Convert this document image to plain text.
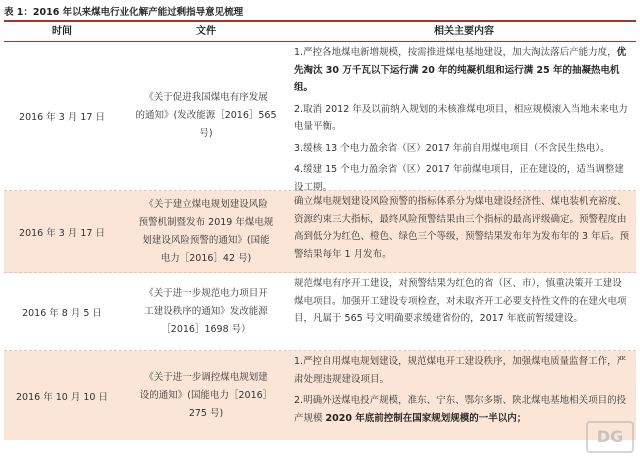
表 1：2016 年以来煤电行业化解产能过剩指导意见梳理
时间	文件	相关主要内容
2016 年 3 月 17 日
《关于促进我国煤电有序发展
的通知》(发改能源［2016］565
号)

1.严控各地煤电新增规模，按需推进煤电基地建设，加大淘汰落后产能力度，优先淘汰 30 万千瓦以下运行满 20 年的纯凝机组和运行满 25 年的抽凝热电机组。

2.取消 2012 年及以前纳入规划的未核准煤电项目，相应规模滚入当地未来电力电量平衡。

3.缓核 13 个电力盈余省（区）2017 年前自用煤电项目（不含民生热电）。

4.缓建 15 个电力盈余省（区）2017 年前煤电项目，正在建设的，适当调整建设工期。

2016 年 3 月 17 日
《关于建立煤电规划建设风险
预警机制暨发布 2019 年煤电规
划建设风险预警的通知》(国能
电力［2016］42 号)

确立煤电规划建设风险预警的指标体系分为煤电建设经济性、煤电装机充裕度、资源约束三大指标，最终风险预警结果由三个指标的最高评级确定。预警程度由高到低分为红色、橙色、绿色三个等级，预警结果发布年为发布年的 3 年后。预警结果每年 1 月发布。

2016 年 8 月 5 日
《关于进一步规范电力项目开
工建设秩序的通知》发改能源
［2016］1698 号）

规范煤电有序开工建设，对预警结果为红色的省（区、市），慎重决策开工建设煤电项目。加强开工建设专项检查，对未取齐开工必要支持性文件的在建火电项目，凡属于 565 号文明确要求缓建省份的，2017 年底前暂缓建设。

2016 年 10 月 10 日
《关于进一步调控煤电规划建
设的通知》(国能电力［2016］
275 号)

1.严控自用煤电规划建设，规范煤电开工建设秩序，加强煤电质量监督工作，严肃处理违规建设项目。

2.明确外送煤电投产规模，准东、宁东、鄂尔多斯、陕北煤电基地相关项目的投产规模 2020 年底前控制在国家规划规模的一半以内；

DG
